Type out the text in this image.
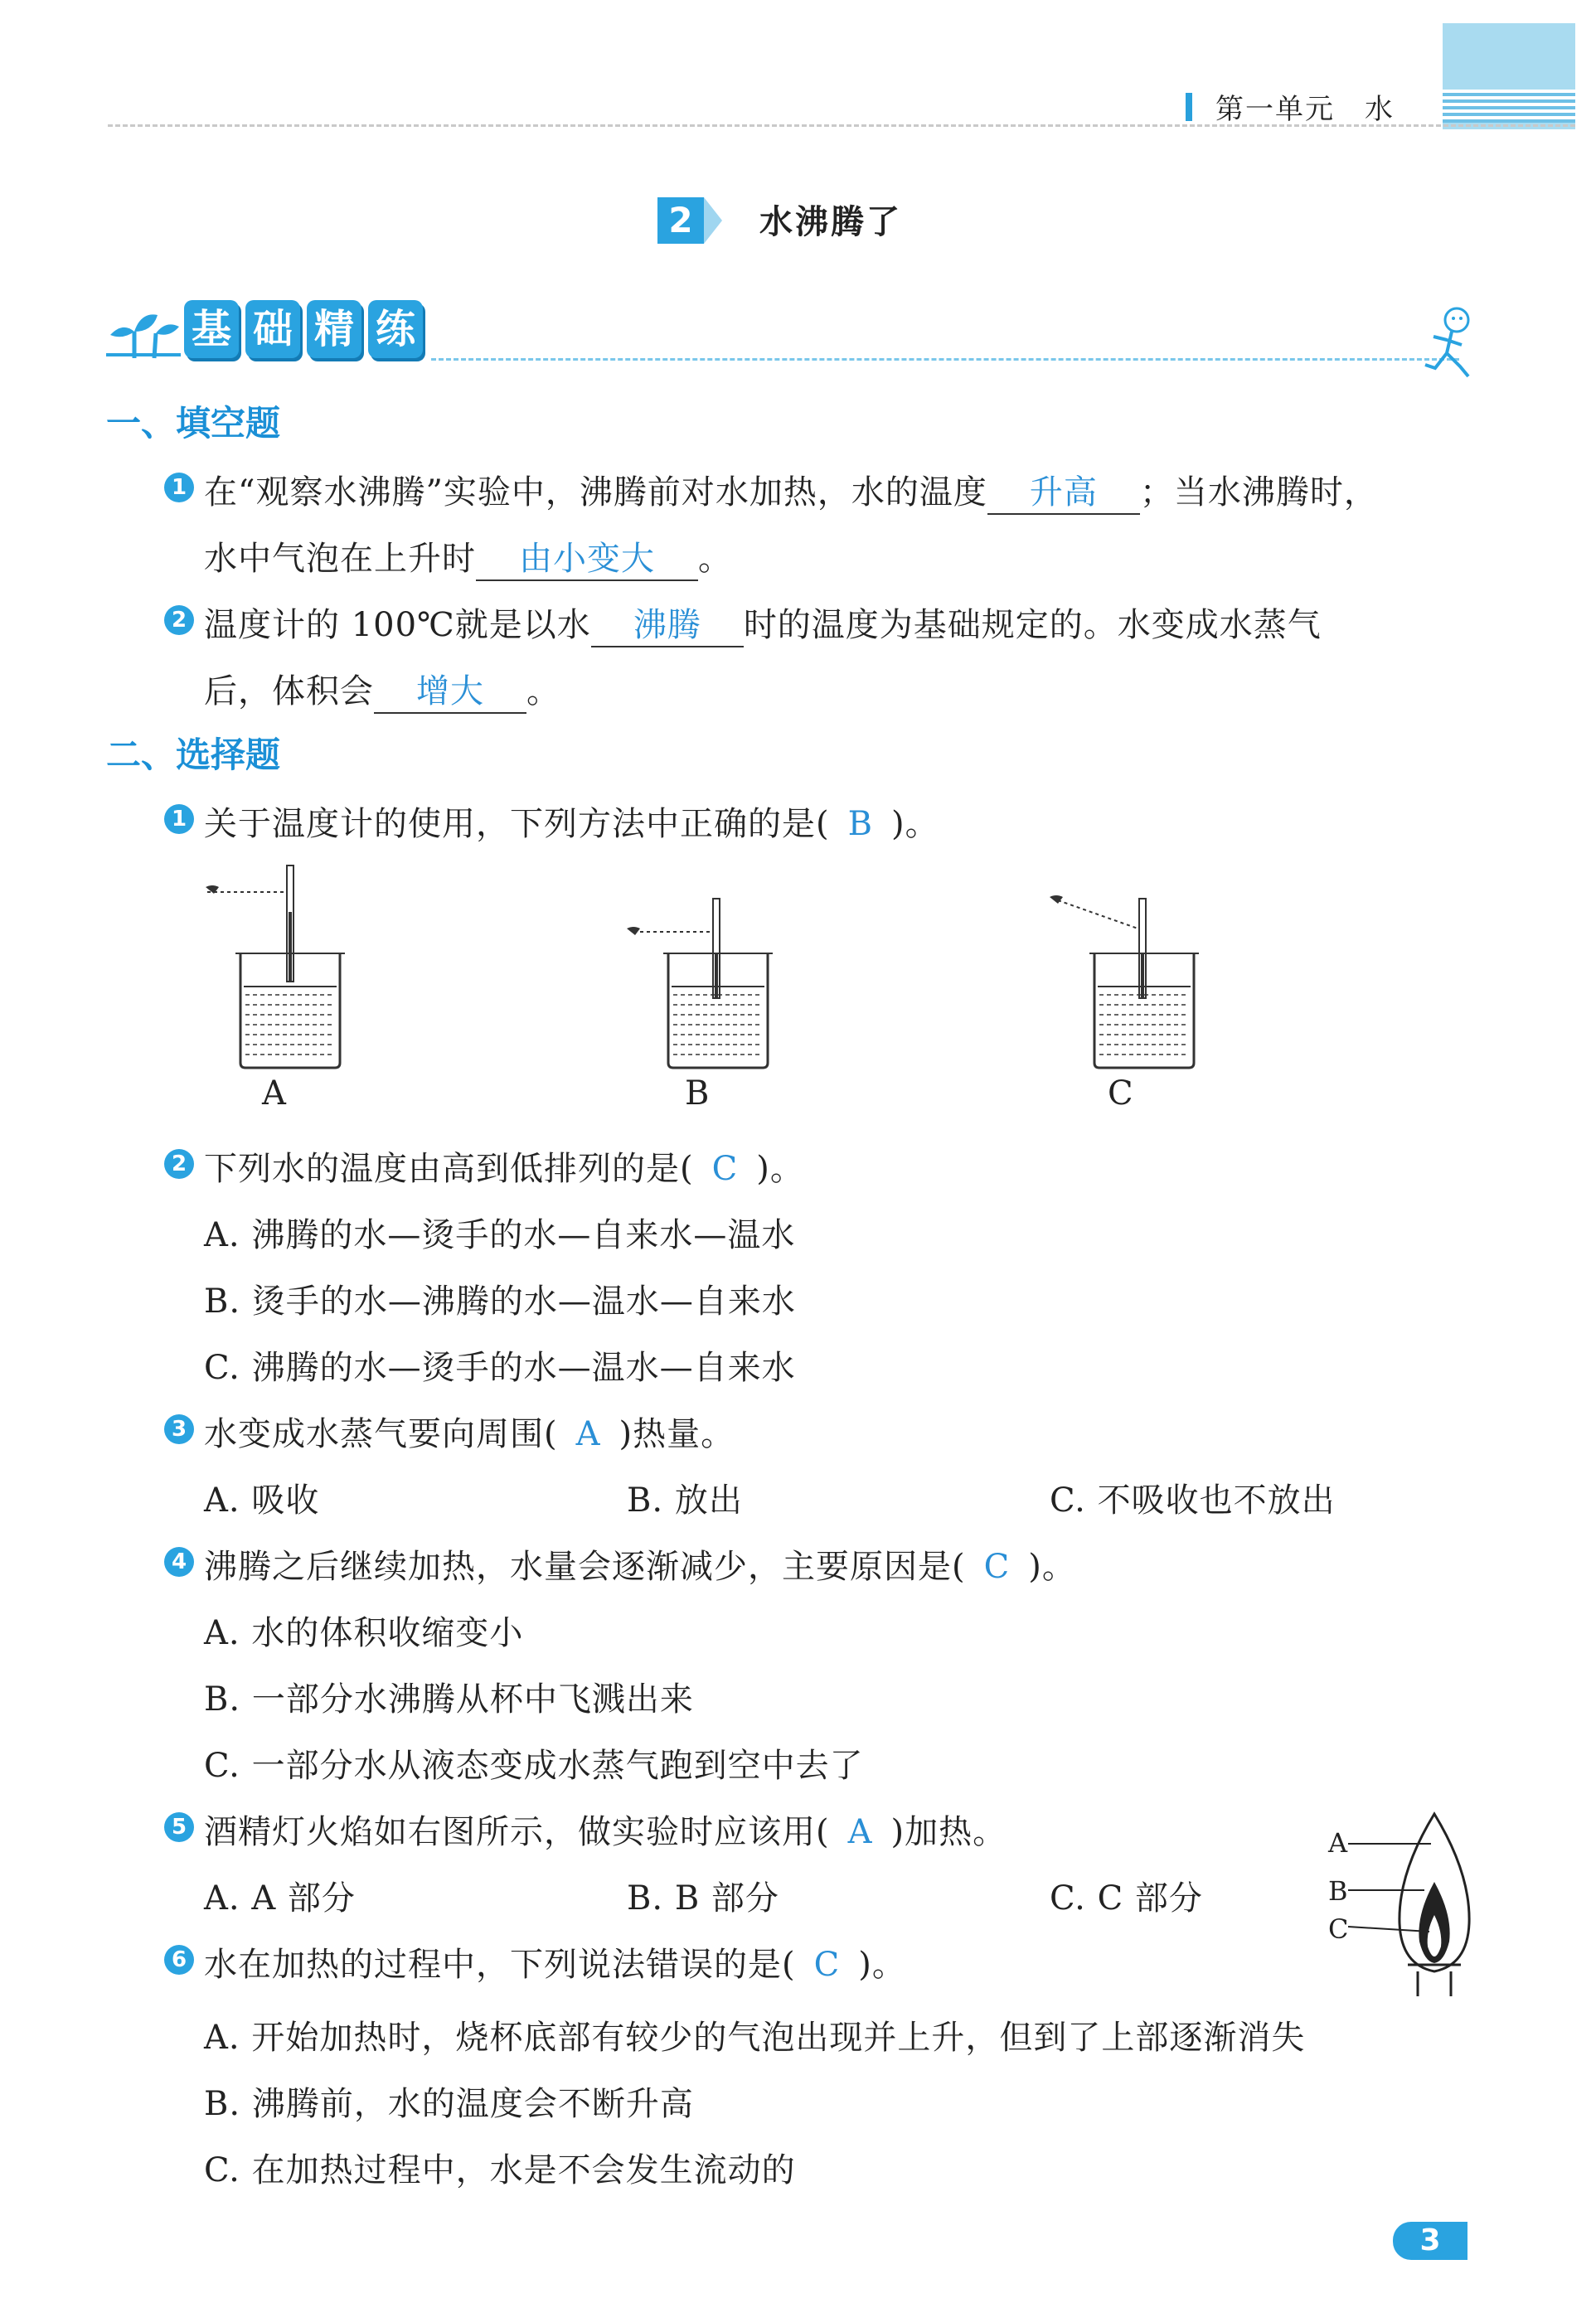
第一单元　水
2	水沸腾了
基 础 精 练
一、填空题
1 在“观察水沸腾”实验中，沸腾前对水加热，水的温度 升高 ；当水沸腾时，
水中气泡在上升时 由小变大 。
2 温度计的 100℃就是以水 沸腾 时的温度为基础规定的。水变成水蒸气
后，体积会 增大 。
二、选择题
1 关于温度计的使用，下列方法中正确的是( B )。
A	B	C
2 下列水的温度由高到低排列的是( C )。
A. 沸腾的水—烫手的水—自来水—温水
B. 烫手的水—沸腾的水—温水—自来水
C. 沸腾的水—烫手的水—温水—自来水
3 水变成水蒸气要向周围( A )热量。
A. 吸收	B. 放出	C. 不吸收也不放出
4 沸腾之后继续加热，水量会逐渐减少，主要原因是( C )。
A. 水的体积收缩变小
B. 一部分水沸腾从杯中飞溅出来
C. 一部分水从液态变成水蒸气跑到空中去了
5 酒精灯火焰如右图所示，做实验时应该用( A )加热。
A. A 部分	B. B 部分	C. C 部分
A
B
C
6 水在加热的过程中，下列说法错误的是( C )。
A. 开始加热时，烧杯底部有较少的气泡出现并上升，但到了上部逐渐消失
B. 沸腾前，水的温度会不断升高
C. 在加热过程中，水是不会发生流动的
3
